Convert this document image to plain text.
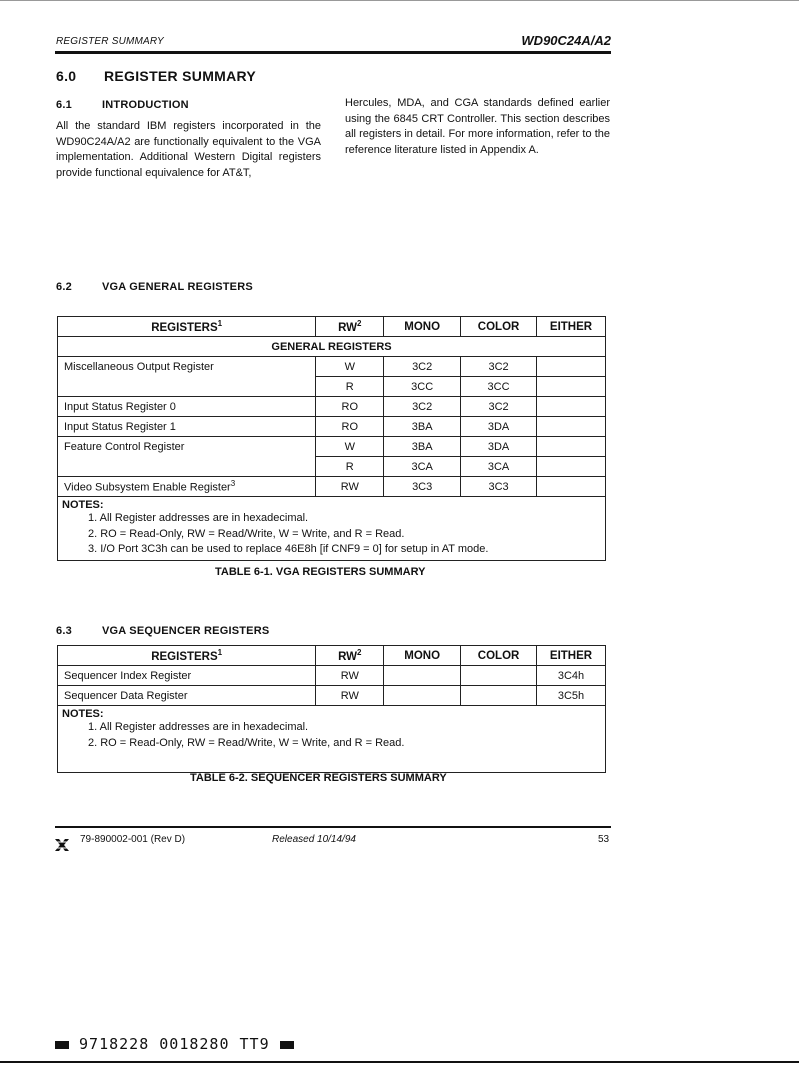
REGISTER SUMMARY	WD90C24A/A2
6.0 REGISTER SUMMARY
6.1	INTRODUCTION
All the standard IBM registers incorporated in the WD90C24A/A2 are functionally equivalent to the VGA implementation. Additional Western Digital registers provide functional equivalence for AT&T,
Hercules, MDA, and CGA standards defined earlier using the 6845 CRT Controller. This section describes all registers in detail. For more information, refer to the reference literature listed in Appendix A.
6.2	VGA GENERAL REGISTERS
REGISTERS$^1$	$RW^2$	MONO	COLOR	EITHER
GENERAL REGISTERS				
Miscellaneous Output Register	W	3C2	3C2	
	R	3CC	3CC	
Input Status Register 0	RO	3C2	3C2	
Input Status Register 1	RO	3BA	3DA	
Feature Control Register	W	3BA	3DA	
	R	3CA	3CA	
Video Subsystem Enable Register$^3$	RW	3C3	3C3	

NOTES:
1. All Register addresses are in hexadecimal.
2. RO = Read-Only, RW = Read/Write, W = Write, and R = Read.
3. I/O Port 3C3h can be used to replace 46E8h [if CNF9 = 0] for setup in AT mode.				
TABLE 6-1. VGA REGISTERS SUMMARY
6.3	VGA SEQUENCER REGISTERS
REGISTERS$^1$	$RW^2$	MONO	COLOR	EITHER
Sequencer Index Register	RW			3C4h
Sequencer Data Register	RW			3C5h

NOTES:
1. All Register addresses are in hexadecimal.
2. RO = Read-Only, RW = Read/Write, W = Write, and R = Read.				
TABLE 6-2. SEQUENCER REGISTERS SUMMARY
79-890002-001 (Rev D)	Released 10/14/94	53
9718228 0018280 TT9
